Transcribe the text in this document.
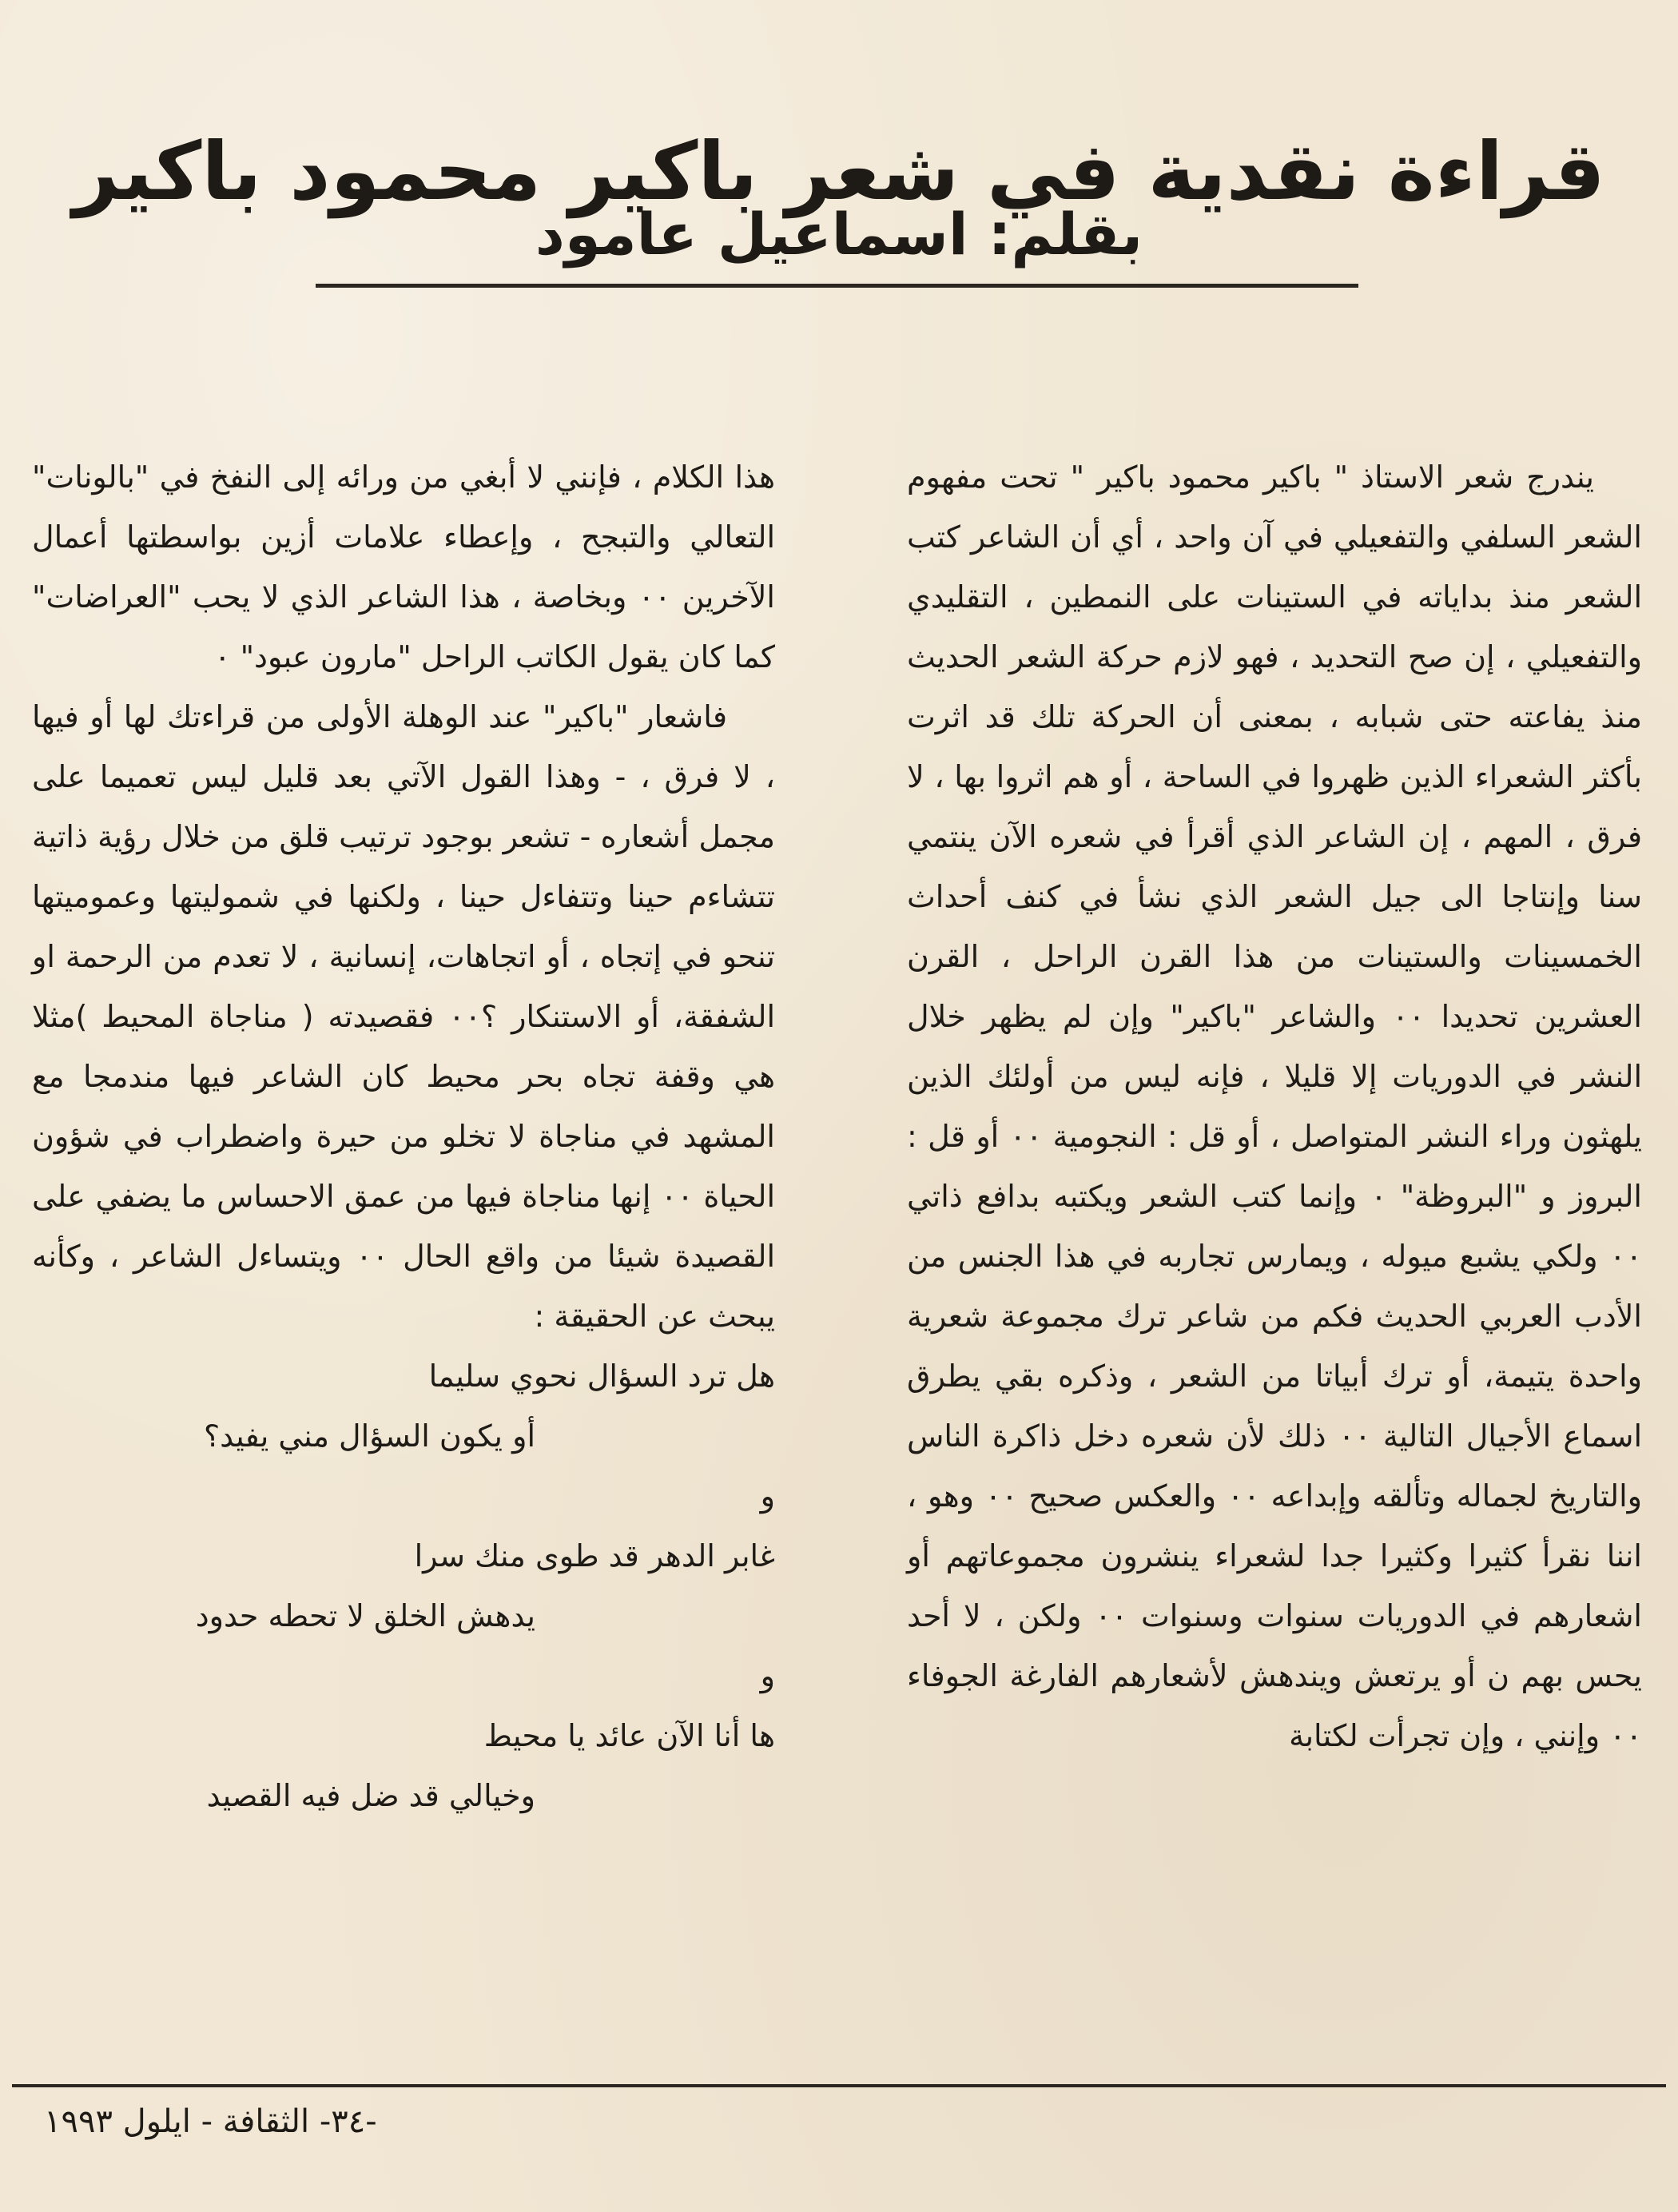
قراءة نقدية في شعر باكير محمود باكير
بقلم: اسماعيل عامود

يندرج شعر الاستاذ " باكير محمود باكير " تحت مفهوم الشعر السلفي والتفعيلي في آن واحد ، أي أن الشاعر كتب الشعر منذ بداياته في الستينات على النمطين ، التقليدي والتفعيلي ، إن صح التحديد ، فهو لازم حركة الشعر الحديث منذ يفاعته حتى شبابه ، بمعنى أن الحركة تلك قد اثرت بأكثر الشعراء الذين ظهروا في الساحة ، أو هم اثروا بها ، لا فرق ، المهم ، إن الشاعر الذي أقرأ في شعره الآن ينتمي سنا وإنتاجا الى جيل الشعر الذي نشأ في كنف أحداث الخمسينات والستينات من هذا القرن الراحل ، القرن العشرين تحديدا ٠٠ والشاعر "باكير" وإن لم يظهر خلال النشر في الدوريات إلا قليلا ، فإنه ليس من أولئك الذين يلهثون وراء النشر المتواصل ، أو قل : النجومية ٠٠ أو قل : البروز و "البروظة" ٠ وإنما كتب الشعر ويكتبه بدافع ذاتي ٠٠ ولكي يشبع ميوله ، ويمارس تجاربه في هذا الجنس من الأدب العربي الحديث فكم من شاعر ترك مجموعة شعرية واحدة يتيمة، أو ترك أبياتا من الشعر ، وذكره بقي يطرق اسماع الأجيال التالية ٠٠ ذلك لأن شعره دخل ذاكرة الناس والتاريخ لجماله وتألقه وإبداعه ٠٠ والعكس صحيح ٠٠ وهو ، اننا نقرأ كثيرا وكثيرا جدا لشعراء ينشرون مجموعاتهم أو اشعارهم في الدوريات سنوات وسنوات ٠٠ ولكن ، لا أحد يحس بهم ن أو يرتعش ويندهش لأشعارهم الفارغة الجوفاء ٠٠ وإنني ، وإن تجرأت لكتابة

هذا الكلام ، فإنني لا أبغي من ورائه إلى النفخ في "بالونات" التعالي والتبجح ، وإعطاء علامات أزين بواسطتها أعمال الآخرين ٠٠ وبخاصة ، هذا الشاعر الذي لا يحب "العراضات" كما كان يقول الكاتب الراحل "مارون عبود" ٠

فاشعار "باكير" عند الوهلة الأولى من قراءتك لها أو فيها ، لا فرق ، - وهذا القول الآتي بعد قليل ليس تعميما على مجمل أشعاره - تشعر بوجود ترتيب قلق من خلال رؤية ذاتية تتشاءم حينا وتتفاءل حينا ، ولكنها في شموليتها وعموميتها تنحو في إتجاه ، أو اتجاهات، إنسانية ، لا تعدم من الرحمة او الشفقة، أو الاستنكار ؟٠٠ فقصيدته ( مناجاة المحيط )مثلا هي وقفة تجاه بحر محيط كان الشاعر فيها مندمجا مع المشهد في مناجاة لا تخلو من حيرة واضطراب في شؤون الحياة ٠٠ إنها مناجاة فيها من عمق الاحساس ما يضفي على القصيدة شيئا من واقع الحال ٠٠ ويتساءل الشاعر ، وكأنه يبحث عن الحقيقة :

هل ترد السؤال نحوي سليما

أو يكون السؤال مني يفيد؟

و

غابر الدهر قد طوى منك سرا

يدهش الخلق لا تحطه حدود

و

ها أنا الآن عائد يا محيط

وخيالي قد ضل فيه القصيد

-٣٤- الثقافة - ايلول ١٩٩٣
